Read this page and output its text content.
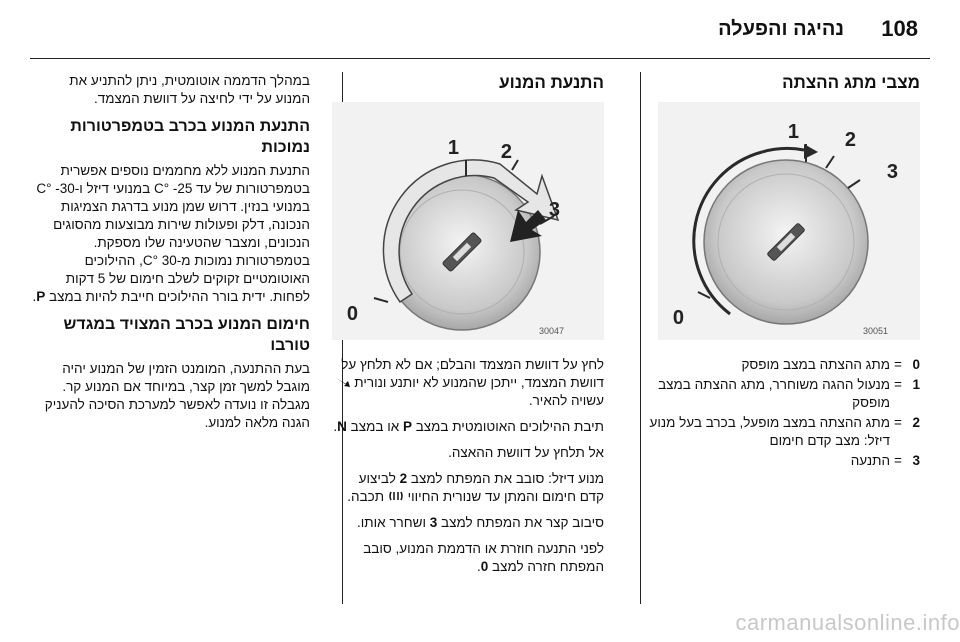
108
נהיגה והפעלה
מצבי מתג ההצתה
0
1 2
3
30051
0
=
מתג ההצתה במצב מופסק
1
=
מנעול ההגה משוחרר, מתג ההצתה במצב מופסק
2
=
מתג ההצתה במצב מופעל, בכרב בעל מנוע דיזל: מצב קדם חימום
3
=
התנעה
התנעת המנוע
0
1 2
3
30047

לחץ על דוושת המצמד והבלם; אם לא תלחץ על דוושת המצמד, ייתכן שהמנוע לא יותנע ונורית  עשויה להאיר.

תיבת ההילוכים האוטומטית במצב P או במצב N.

אל תלחץ על דוושת ההאצה.

מנוע דיזל: סובב את המפתח למצב 2 לביצוע קדם חימום והמתן עד שנורית החיווי  תכבה.

סיבוב קצר את המפתח למצב 3 ושחרר אותו.

לפני התנעה חוזרת או הדממת המנוע, סובב המפתח חזרה למצב 0.

במהלך הדממה אוטומטית, ניתן להתניע את המנוע על ידי לחיצה על דוושת המצמד.

התנעת המנוע בכרב בטמפרטורות נמוכות

התנעת המנוע ללא מחממים נוספים אפשרית בטמפרטורות של עד 25- °C במנועי דיזל ו-30- °C במנועי בנזין. דרוש שמן מנוע בדרגת הצמיגות הנכונה, דלק ופעולות שירות מבוצעות מהסוגים הנכונים, ומצבר שהטעינה שלו מספקת. בטמפרטורות נמוכות מ-30 °C, ההילוכים האוטומטיים זקוקים לשלב חימום של 5 דקות לפחות. ידית בורר ההילוכים חייבת להיות במצב P.

חימום המנוע בכרב המצויד במגדש טורבו

בעת ההתנעה, המומנט הזמין של המנוע יהיה מוגבל למשך זמן קצר, במיוחד אם המנוע קר. מגבלה זו נועדה לאפשר למערכת הסיכה להעניק הגנה מלאה למנוע.

carmanualsonline.info
